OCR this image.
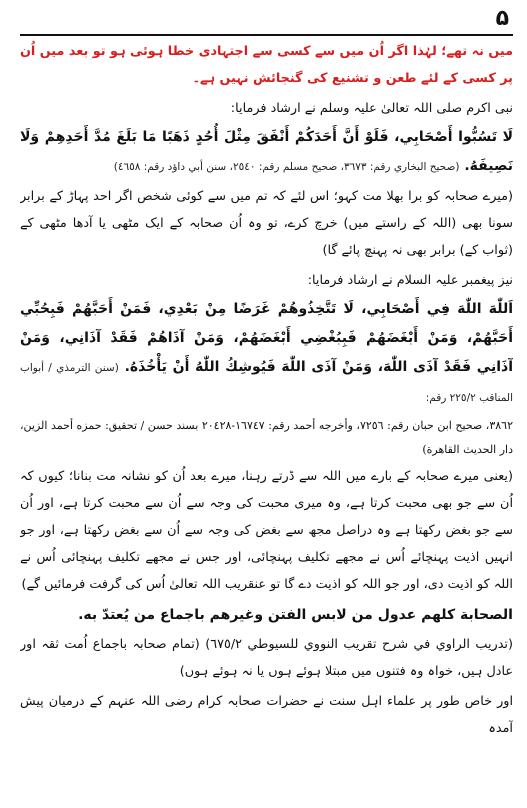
۵

میں نہ تھے؛ لہٰذا اگر اُن میں سے کسی سے اجتہادی خطا ہوئی ہو تو بعد میں اُن پر کسی کے لئے طعن و تشنیع کی گنجائش نہیں ہے۔

نبی اکرم صلی اللہ تعالیٰ علیہ وسلم نے ارشاد فرمایا:

لَا تَسُبُّوا أَصْحَابِي، فَلَوْ أَنَّ أَحَدَكُمْ أَنْفَقَ مِثْلَ أُحُدٍ ذَهَبًا مَا بَلَغَ مُدَّ أَحَدِهِمْ وَلَا نَصِيفَهُ. (صحيح البخاري رقم: ٣٦٧٣، صحيح مسلم رقم: ٢٥٤٠، سنن أبي داؤد رقم: ٤٦٥٨)

(میرے صحابہ کو برا بھلا مت کہو؛ اس لئے کہ تم میں سے کوئی شخص اگر احد پہاڑ کے برابر سونا بھی (اللہ کے راستے میں) خرچ کرے، تو وہ اُن صحابہ کے ایک مٹھی یا آدھا مٹھی کے (ثواب کے) برابر بھی نہ پہنچ پائے گا)

نیز پیغمبر علیہ السلام نے ارشاد فرمایا:

اَللّٰهَ اللّٰهَ فِي أَصْحَابِي، لَا تَتَّخِذُوهُمْ غَرَضًا مِنْ بَعْدِي، فَمَنْ أَحَبَّهُمْ فَبِحُبِّي أَحَبَّهُمْ، وَمَنْ أَبْغَضَهُمْ فَبِبُغْضِي أَبْغَضَهُمْ، وَمَنْ آذَاهُمْ فَقَدْ آذَانِي، وَمَنْ آذَانِي فَقَدْ آذَى اللّٰهَ، وَمَنْ آذَى اللّٰهَ فَيُوشِكُ اللّٰهُ أَنْ يَأْخُذَهُ. (سنن الترمذي / أبواب المناقب ٢٢٥/٢ رقم:

٣٨٦٢، صحيح ابن حبان رقم: ٧٢٥٦، وأخرجه أحمد رقم: ١٦٧٤٧-٢٠٤٢٨ بسند حسن / تحقيق: حمزه أحمد الزين، دار الحديث القاهرة)

(یعنی میرے صحابہ کے بارے میں اللہ سے ڈرتے رہنا، میرے بعد اُن کو نشانہ مت بنانا؛ کیوں کہ اُن سے جو بھی محبت کرتا ہے، وہ میری محبت کی وجہ سے اُن سے محبت کرتا ہے، اور اُن سے جو بغض رکھتا ہے وہ دراصل مجھ سے بغض کی وجہ سے اُن سے بغض رکھتا ہے، اور جو انہیں اذیت پہنچائے اُس نے مجھے تکلیف پہنچائی، اور جس نے مجھے تکلیف پہنچائی اُس نے اللہ کو اذیت دی، اور جو اللہ کو اذیت دے گا تو عنقریب اللہ تعالیٰ اُس کی گرفت فرمائیں گے)

الصحابة كلهم عدول من لابس الفتن وغيرهم باجماع من يُعتدّ به.

(تدريب الراوي في شرح تقريب النووي للسيوطي ٦٧٥/٢) (تمام صحابہ باجماع اُمت ثقہ اور عادل ہیں، خواہ وہ فتنوں میں مبتلا ہوئے ہوں یا نہ ہوئے ہوں)

اور خاص طور پر علماء اہل سنت نے حضرات صحابہ کرام رضی اللہ عنہم کے درمیان پیش آمدہ
